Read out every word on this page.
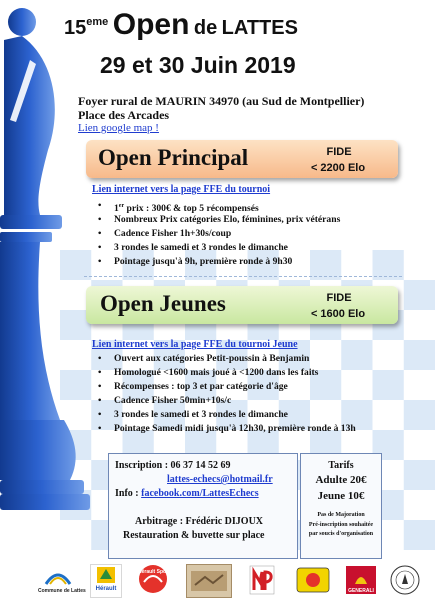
15eme Open de LATTES
29 et 30 Juin 2019
Foyer rural de MAURIN 34970 (au Sud de Montpellier)
Place des Arcades
Lien google map !
Open Principal	FIDE
< 2200 Elo
Lien internet vers la page FFE du tournoi
• 1er prix : 300€ & top 5 récompensés
• Nombreux Prix catégories Elo, féminines, prix vétérans
• Cadence Fisher 1h+30s/coup
• 3 rondes le samedi et 3 rondes le dimanche
• Pointage jusqu'à 9h, première ronde à 9h30
Open Jeunes	FIDE
< 1600 Elo
Lien internet vers la page FFE du tournoi Jeune
• Ouvert aux catégories Petit-poussin à Benjamin
• Homologué <1600 mais joué à <1200 dans les faits
• Récompenses : top 3 et par catégorie d'âge
• Cadence Fisher 50min+10s/c
• 3 rondes le samedi et 3 rondes le dimanche
• Pointage Samedi midi jusqu'à 12h30, première ronde à 13h
Inscription : 06 37 14 52 69
lattes-echecs@hotmail.fr
Info : facebook.com/LattesEchecs
Arbitrage : Frédéric DIJOUX
Restauration & buvette sur place
Tarifs
Adulte 20€
Jeune 10€
Pas de Majoration
Pré-inscription souhaitée
par soucis d'organisation
Commune de Lattes	Hérault
Hérault Sport
GENERALI
